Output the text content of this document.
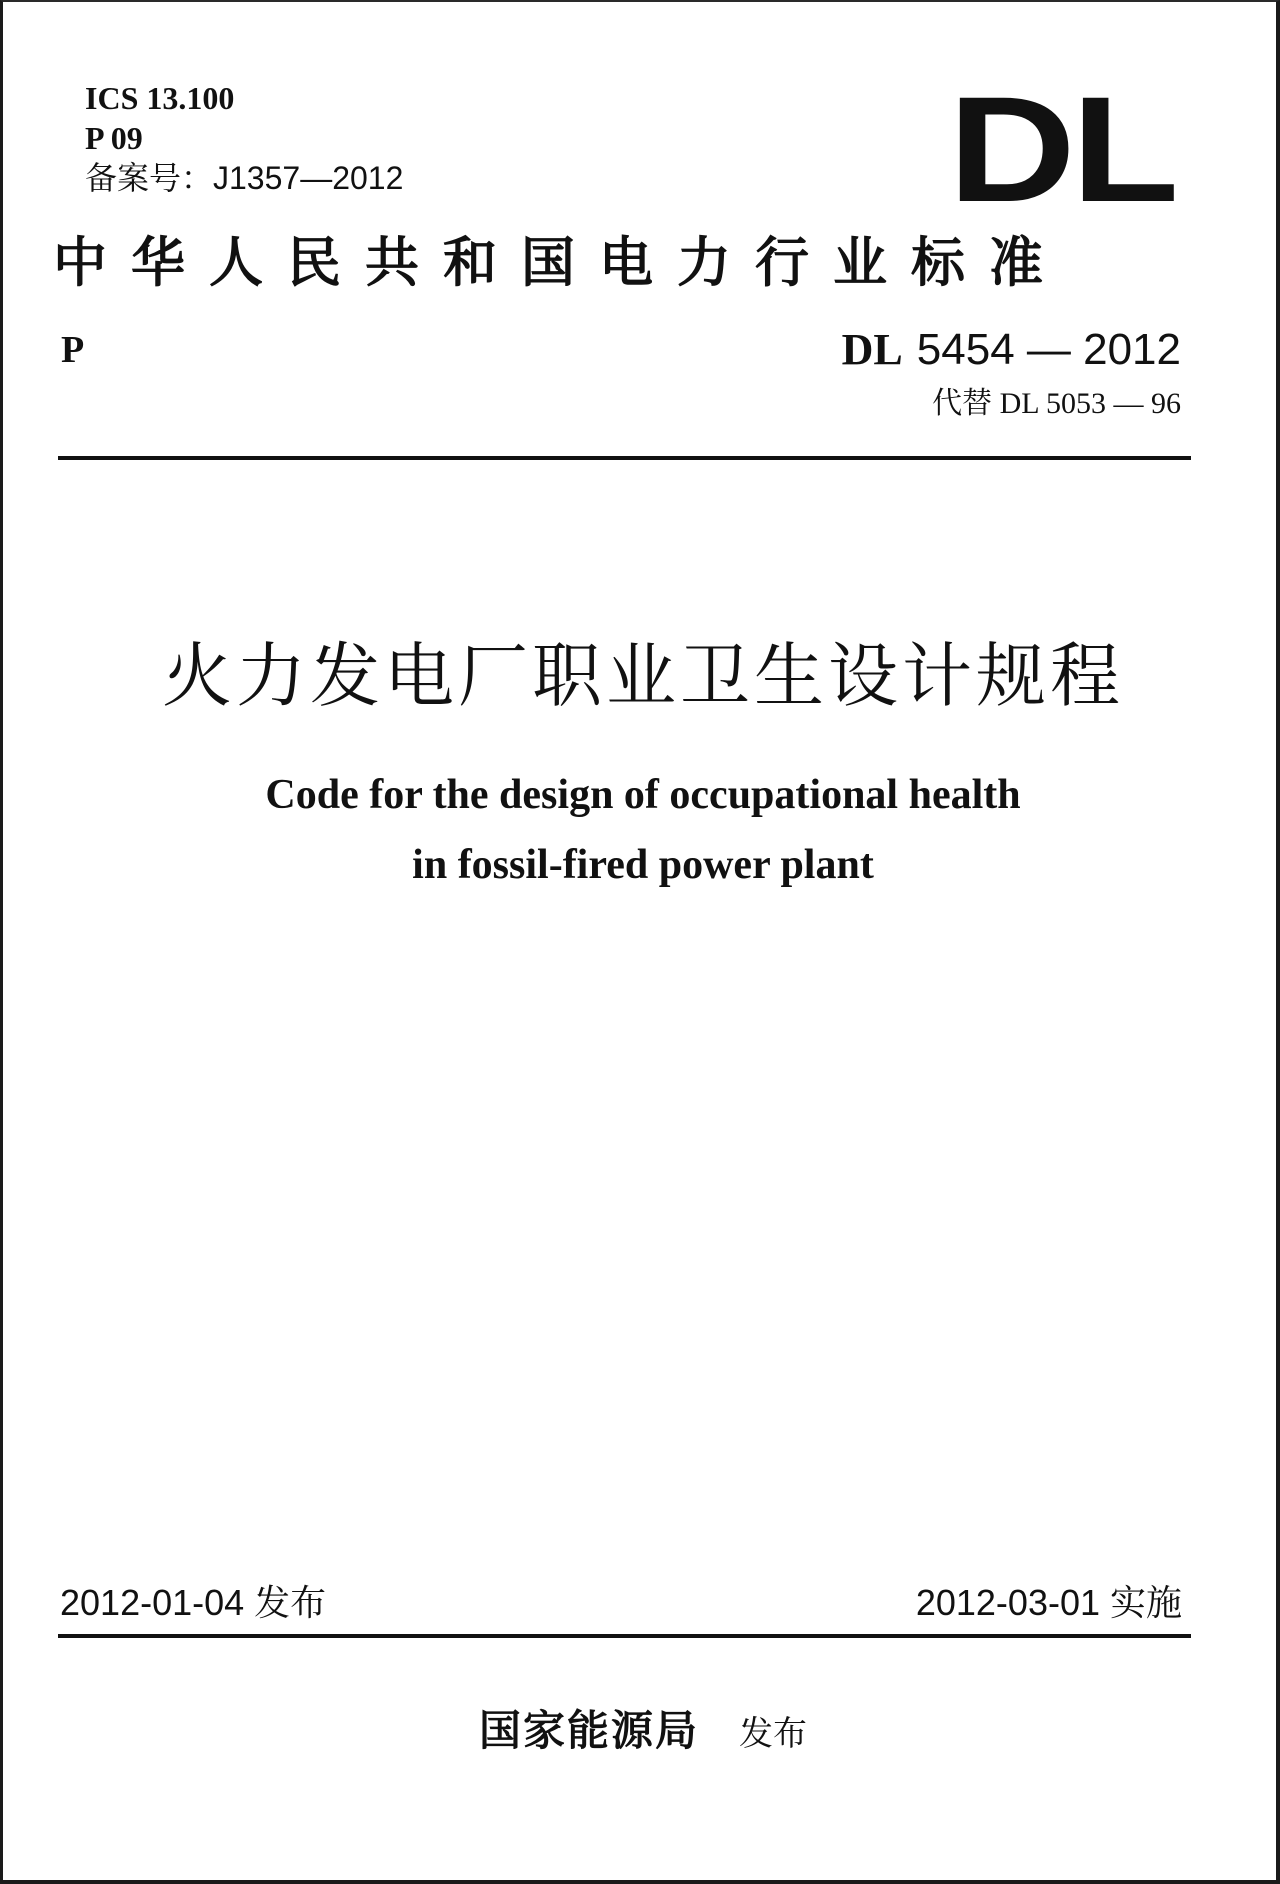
ICS 13.100
P 09
备案号：J1357—2012	DL
中华人民共和国电力行业标准
P	DL 5454 — 2012
代替 DL 5053 — 96
火力发电厂职业卫生设计规程
Code for the design of occupational health
in fossil-fired power plant
2012-01-04 发布	2012-03-01 实施
国家能源局 发布
